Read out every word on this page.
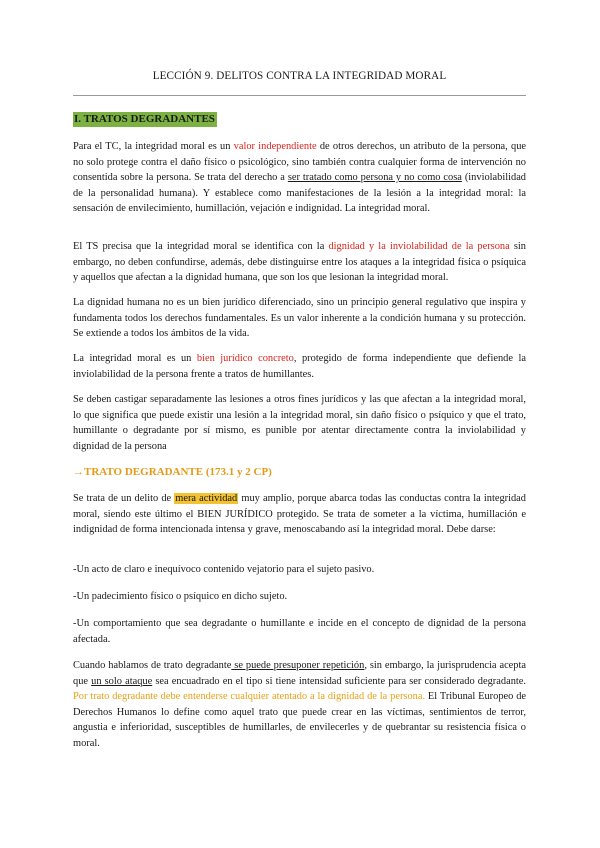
LECCIÓN 9. DELITOS CONTRA LA INTEGRIDAD MORAL
I. TRATOS DEGRADANTES

Para el TC, la integridad moral es un valor independiente de otros derechos, un atributo de la persona, que no solo protege contra el daño físico o psicológico, sino también contra cualquier forma de intervención no consentida sobre la persona. Se trata del derecho a ser tratado como persona y no como cosa (inviolabilidad de la personalidad humana). Y establece como manifestaciones de la lesión a la integridad moral: la sensación de envilecimiento, humillación, vejación e indignidad. La integridad moral.

El TS precisa que la integridad moral se identifica con la dignidad y la inviolabilidad de la persona sin embargo, no deben confundirse, además, debe distinguirse entre los ataques a la integridad física o psíquica y aquellos que afectan a la dignidad humana, que son los que lesionan la integridad moral.

La dignidad humana no es un bien jurídico diferenciado, sino un principio general regulativo que inspira y fundamenta todos los derechos fundamentales. Es un valor inherente a la condición humana y su protección. Se extiende a todos los ámbitos de la vida.

La integridad moral es un bien jurídico concreto, protegido de forma independiente que defiende la inviolabilidad de la persona frente a tratos de humillantes.

Se deben castigar separadamente las lesiones a otros fines jurídicos y las que afectan a la integridad moral, lo que significa que puede existir una lesión a la integridad moral, sin daño físico o psíquico y que el trato, humillante o degradante por sí mismo, es punible por atentar directamente contra la inviolabilidad y dignidad de la persona

→TRATO DEGRADANTE (173.1 y 2 CP)

Se trata de un delito de mera actividad muy amplio, porque abarca todas las conductas contra la integridad moral, siendo este último el BIEN JURÍDICO protegido. Se trata de someter a la víctima, humillación e indignidad de forma intencionada intensa y grave, menoscabando así la integridad moral. Debe darse:

-Un acto de claro e inequívoco contenido vejatorio para el sujeto pasivo.

-Un padecimiento físico o psíquico en dicho sujeto.

-Un comportamiento que sea degradante o humillante e incide en el concepto de dignidad de la persona afectada.

Cuando hablamos de trato degradante se puede presuponer repetición, sin embargo, la jurisprudencia acepta que un solo ataque sea encuadrado en el tipo si tiene intensidad suficiente para ser considerado degradante. Por trato degradante debe entenderse cualquier atentado a la dignidad de la persona. El Tribunal Europeo de Derechos Humanos lo define como aquel trato que puede crear en las víctimas, sentimientos de terror, angustia e inferioridad, susceptibles de humillarles, de envilecerles y de quebrantar su resistencia física o moral.
